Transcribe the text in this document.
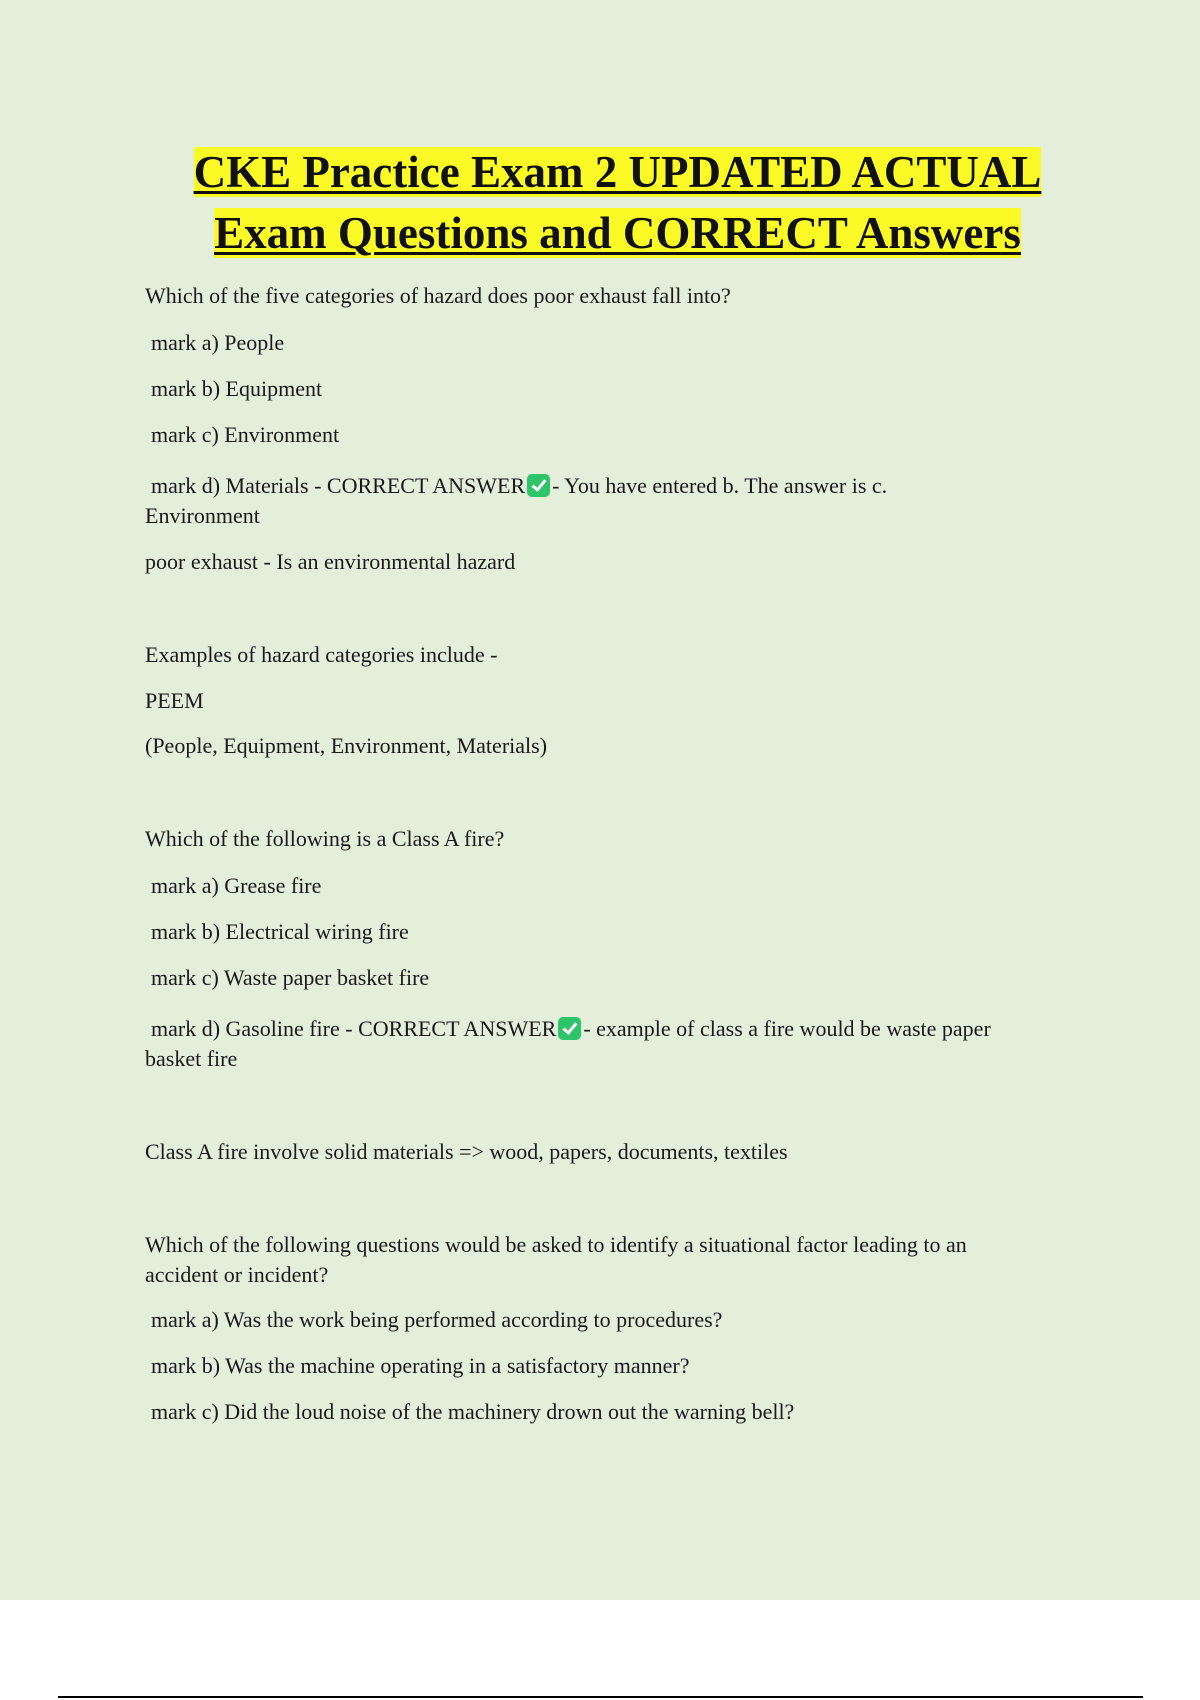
CKE Practice Exam 2 UPDATED ACTUAL
Exam Questions and CORRECT Answers
Which of the five categories of hazard does poor exhaust fall into?
mark a) People
mark b) Equipment
mark c) Environment
mark d) Materials - CORRECT ANSWER - You have entered b. The answer is c.
Environment
poor exhaust - Is an environmental hazard
Examples of hazard categories include -
PEEM
(People, Equipment, Environment, Materials)
Which of the following is a Class A fire?
mark a) Grease fire
mark b) Electrical wiring fire
mark c) Waste paper basket fire
mark d) Gasoline fire - CORRECT ANSWER - example of class a fire would be waste paper
basket fire
Class A fire involve solid materials => wood, papers, documents, textiles
Which of the following questions would be asked to identify a situational factor leading to an
accident or incident?
mark a) Was the work being performed according to procedures?
mark b) Was the machine operating in a satisfactory manner?
mark c) Did the loud noise of the machinery drown out the warning bell?
